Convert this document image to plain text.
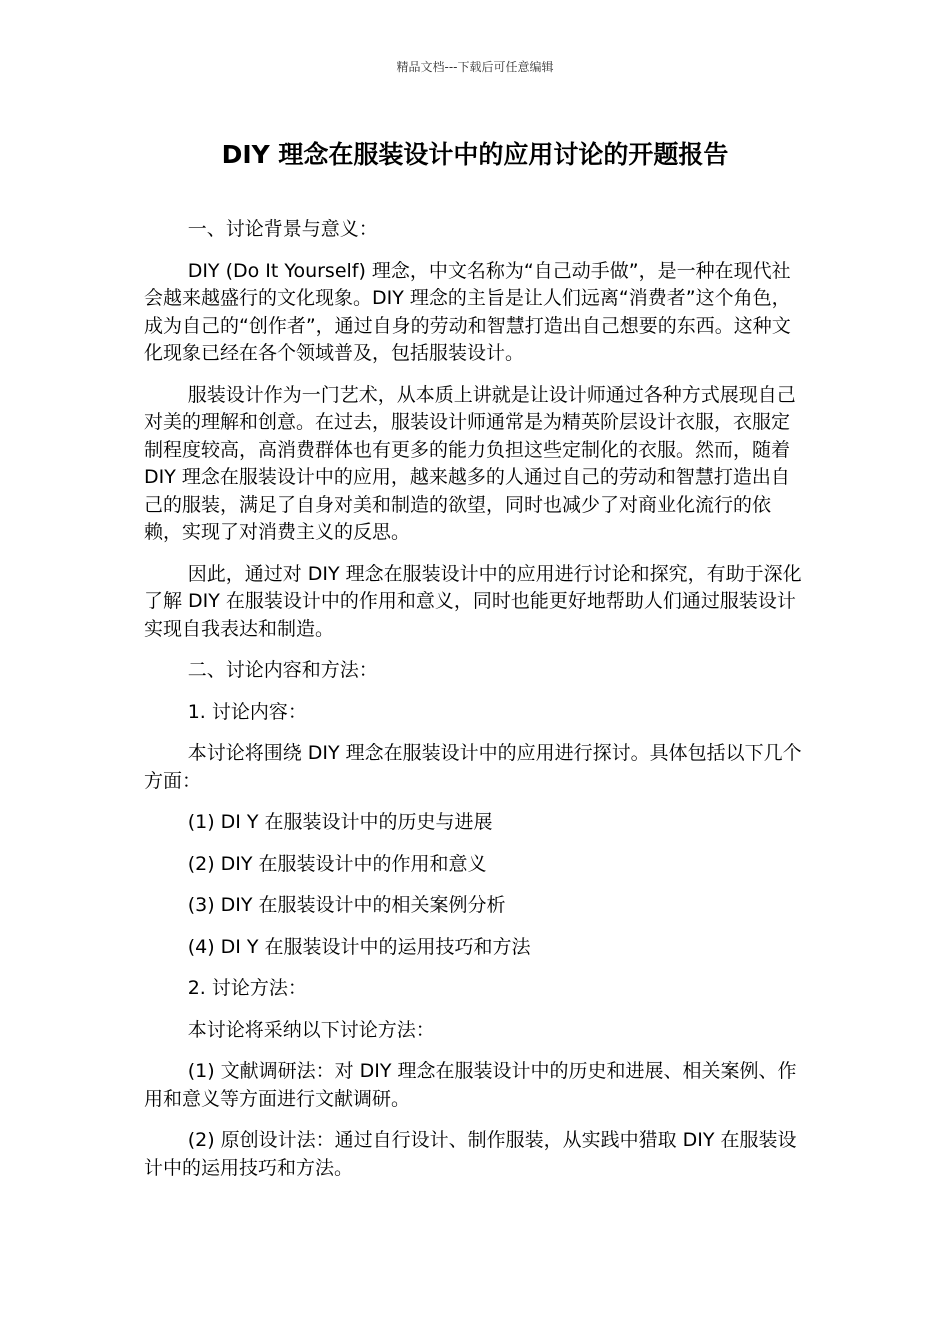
精品文档---下载后可任意编辑
DIY 理念在服装设计中的应用讨论的开题报告

一、讨论背景与意义：

DIY (Do It Yourself) 理念，中文名称为“自己动手做”，是一种在现代社会越来越盛行的文化现象。DIY 理念的主旨是让人们远离“消费者”这个角色，成为自己的“创作者”，通过自身的劳动和智慧打造出自己想要的东西。这种文化现象已经在各个领域普及，包括服装设计。

服装设计作为一门艺术，从本质上讲就是让设计师通过各种方式展现自己对美的理解和创意。在过去，服装设计师通常是为精英阶层设计衣服，衣服定制程度较高，高消费群体也有更多的能力负担这些定制化的衣服。然而，随着 DIY 理念在服装设计中的应用，越来越多的人通过自己的劳动和智慧打造出自己的服装，满足了自身对美和制造的欲望，同时也减少了对商业化流行的依赖，实现了对消费主义的反思。

因此，通过对 DIY 理念在服装设计中的应用进行讨论和探究，有助于深化了解 DIY 在服装设计中的作用和意义，同时也能更好地帮助人们通过服装设计实现自我表达和制造。

二、讨论内容和方法：

1. 讨论内容：

本讨论将围绕 DIY 理念在服装设计中的应用进行探讨。具体包括以下几个方面：

(1) DI Y 在服装设计中的历史与进展

(2) DIY 在服装设计中的作用和意义

(3) DIY 在服装设计中的相关案例分析

(4) DI Y 在服装设计中的运用技巧和方法

2. 讨论方法：

本讨论将采纳以下讨论方法：

(1) 文献调研法：对 DIY 理念在服装设计中的历史和进展、相关案例、作用和意义等方面进行文献调研。

(2) 原创设计法：通过自行设计、制作服装，从实践中猎取 DIY 在服装设计中的运用技巧和方法。
